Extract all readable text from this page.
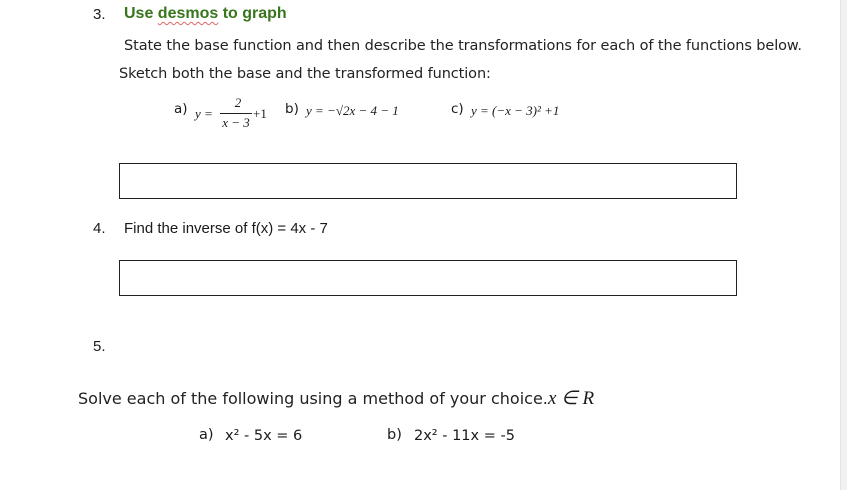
3. Use desmos to graph
State the base function and then describe the transformations for each of the functions below.
Sketch both the base and the transformed function:
a) y =
2
x − 3
+1 b) y = −√2x − 4 − 1	c) y = (−x − 3)² +1
4. Find the inverse of f(x) = 4x - 7
5.
Solve each of the following using a method of your choice. x ∈ R
a) x² - 5x = 6	b) 2x² - 11x = -5
